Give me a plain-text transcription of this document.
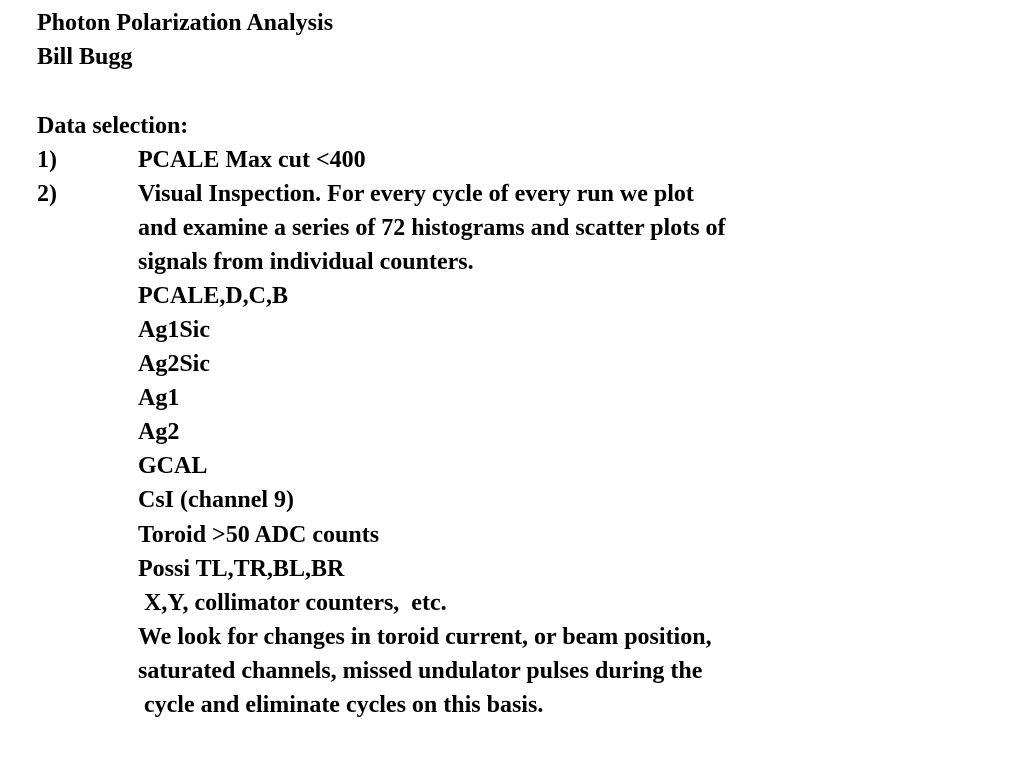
Photon Polarization Analysis
Bill Bugg
Data selection:
1)	PCALE Max cut <400
2)	Visual Inspection. For every cycle of every run we plot
and examine a series of 72 histograms and scatter plots of
signals from individual counters.
PCALE,D,C,B
Ag1Sic
Ag2Sic
Ag1
Ag2
GCAL
CsI (channel 9)
Toroid >50 ADC counts
Possi TL,TR,BL,BR
X,Y, collimator counters,  etc.
We look for changes in toroid current, or beam position,
saturated channels, missed undulator pulses during the
cycle and eliminate cycles on this basis.
